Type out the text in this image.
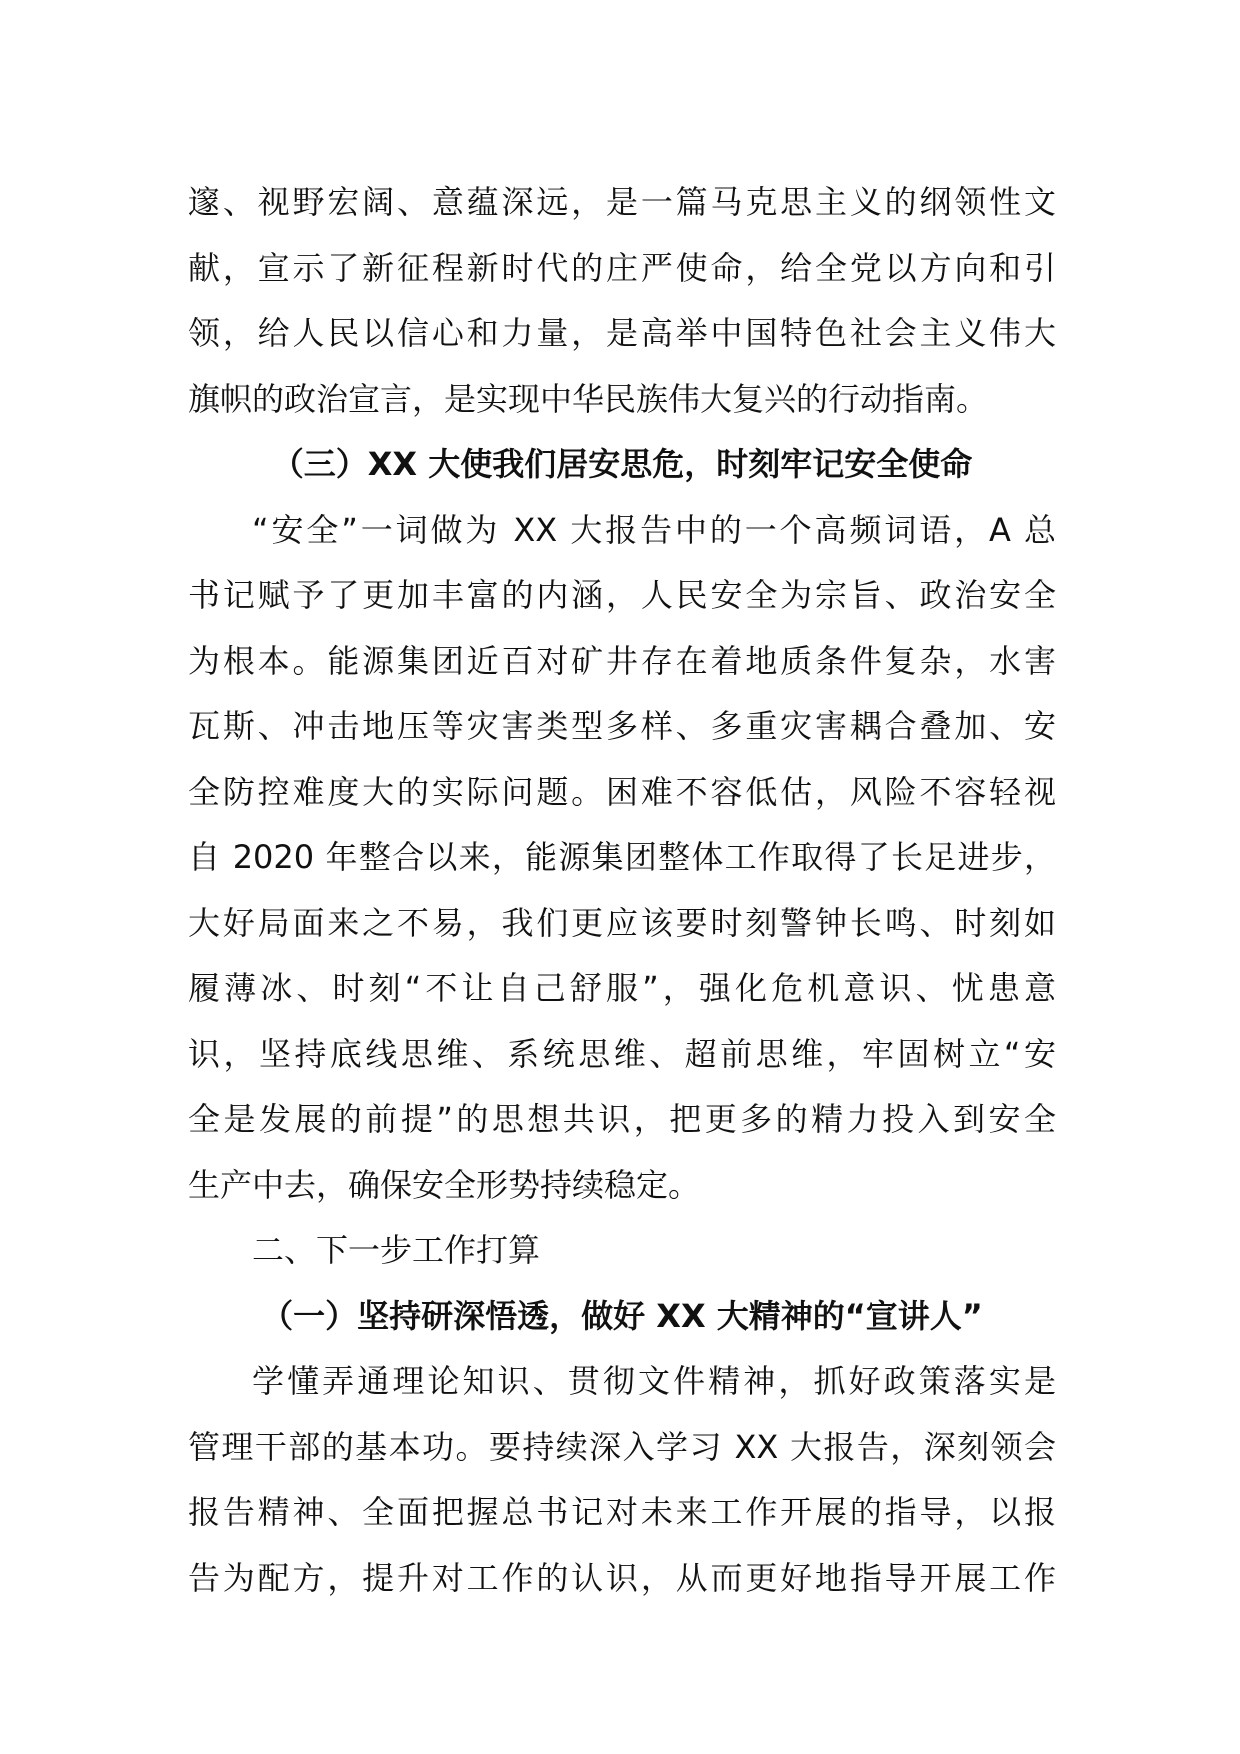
邃、视野宏阔、意蕴深远，是一篇马克思主义的纲领性文
献，宣示了新征程新时代的庄严使命，给全党以方向和引
领，给人民以信心和力量，是高举中国特色社会主义伟大
旗帜的政治宣言，是实现中华民族伟大复兴的行动指南。
（三）XX 大使我们居安思危，时刻牢记安全使命
“安全”一词做为 XX 大报告中的一个高频词语，A 总
书记赋予了更加丰富的内涵，人民安全为宗旨、政治安全
为根本。能源集团近百对矿井存在着地质条件复杂，水害
瓦斯、冲击地压等灾害类型多样、多重灾害耦合叠加、安
全防控难度大的实际问题。困难不容低估，风险不容轻视
自 2020 年整合以来，能源集团整体工作取得了长足进步，
大好局面来之不易，我们更应该要时刻警钟长鸣、时刻如
履薄冰、时刻“不让自己舒服”，强化危机意识、忧患意
识，坚持底线思维、系统思维、超前思维，牢固树立“安
全是发展的前提”的思想共识，把更多的精力投入到安全
生产中去，确保安全形势持续稳定。
二、下一步工作打算
（一）坚持研深悟透，做好 XX 大精神的“宣讲人”
学懂弄通理论知识、贯彻文件精神，抓好政策落实是
管理干部的基本功。要持续深入学习 XX 大报告，深刻领会
报告精神、全面把握总书记对未来工作开展的指导，以报
告为配方，提升对工作的认识，从而更好地指导开展工作
